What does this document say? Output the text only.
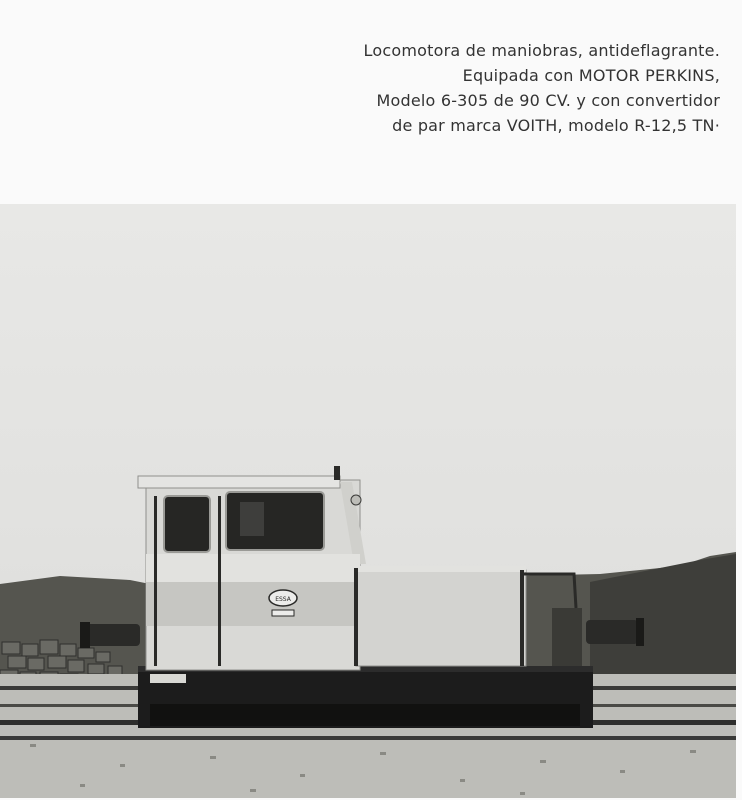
Locomotora de maniobras, antideflagrante.
Equipada con MOTOR PERKINS,
Modelo 6-305 de 90 CV. y con convertidor
de par marca VOITH, modelo R-12,5 TN·
ESSA
